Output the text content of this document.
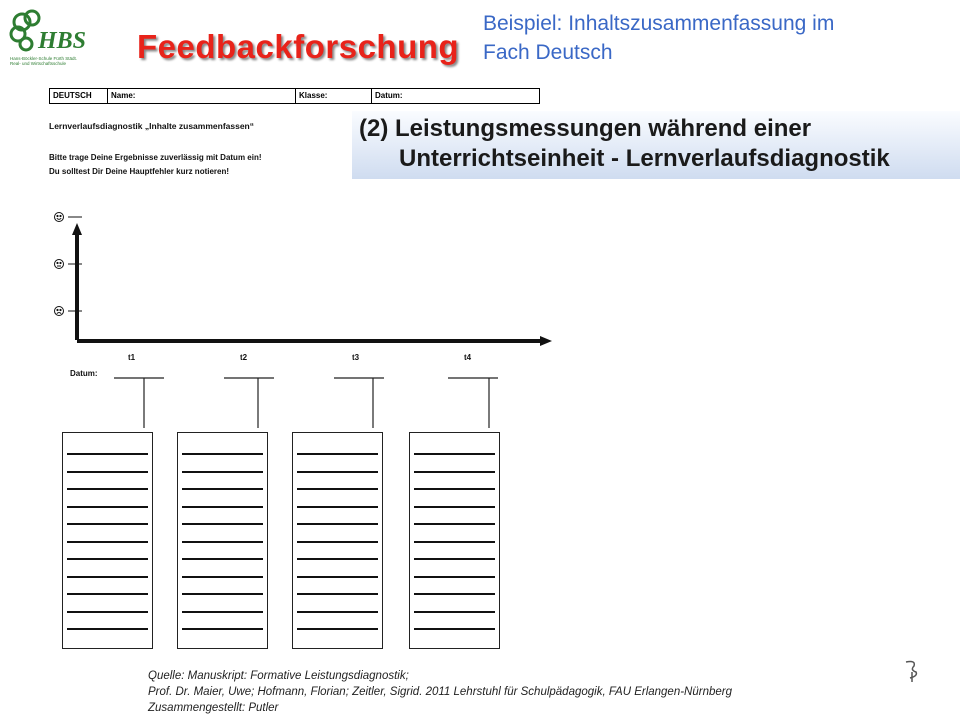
HBS
Hans-Böckler-Schule Fürth Städt. Real- und Wirtschaftsschule	Feedbackforschung
Beispiel: Inhaltszusammenfassung im
Fach Deutsch
DEUTSCH	Name:	Klasse:	Datum:
Lernverlaufsdiagnostik „Inhalte zusammenfassen“
Bitte trage Deine Ergebnisse zuverlässig mit Datum ein!
Du solltest Dir Deine Hauptfehler kurz notieren!
t1	t2	t3	t4
Datum:
(2) Leistungsmessungen während einer
Unterrichtseinheit - Lernverlaufsdiagnostik
Quelle: Manuskript: Formative Leistungsdiagnostik;
Prof. Dr. Maier, Uwe; Hofmann, Florian; Zeitler, Sigrid. 2011 Lehrstuhl für Schulpädagogik, FAU Erlangen-Nürnberg
Zusammengestellt: Putler
